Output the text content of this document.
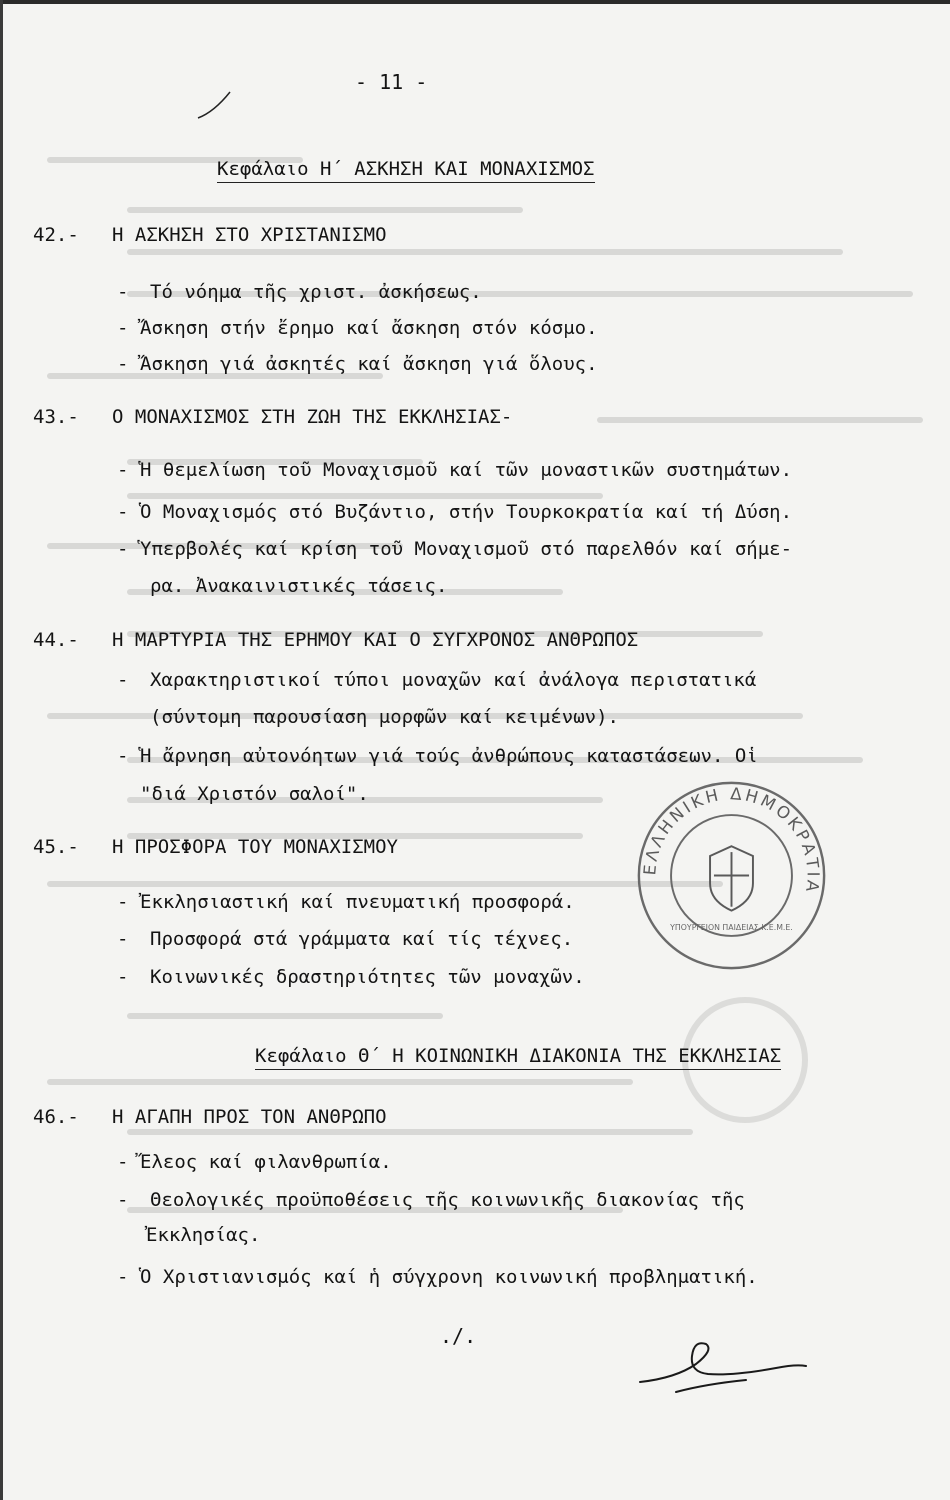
- 11 -
Κεφάλαιο Η΄ ΑΣΚΗΣΗ ΚΑΙ ΜΟΝΑΧΙΣΜΟΣ
42.- Η ΑΣΚΗΣΗ ΣΤΟ ΧΡΙΣΤΑΝΙΣΜΟ
- Τό νόημα τῆς χριστ. ἀσκήσεως.
- Ἄσκηση στήν ἔρημο καί ἄσκηση στόν κόσμο.
- Ἄσκηση γιά ἀσκητές καί ἄσκηση γιά ὅλους.
43.- Ο ΜΟΝΑΧΙΣΜΟΣ ΣΤΗ ΖΩΗ ΤΗΣ ΕΚΚΛΗΣΙΑΣ-
- Ἡ θεμελίωση τοῦ Μοναχισμοῦ καί τῶν μοναστικῶν συστημάτων.
- Ὁ Μοναχισμός στό Βυζάντιο, στήν Τουρκοκρατία καί τή Δύση.
- Ὑπερβολές καί κρίση τοῦ Μοναχισμοῦ στό παρελθόν καί σήμε-
ρα. Ἀνακαινιστικές τάσεις.
44.- Η ΜΑΡΤΥΡΙΑ ΤΗΣ ΕΡΗΜΟΥ ΚΑΙ Ο ΣΥΓΧΡΟΝΟΣ ΑΝΘΡΩΠΟΣ
- Χαρακτηριστικοί τύποι μοναχῶν καί ἀνάλογα περιστατικά
(σύντομη παρουσίαση μορφῶν καί κειμένων).
- Ἡ ἄρνηση αὐτονόητων γιά τούς ἀνθρώπους καταστάσεων. Οἱ
"διά Χριστόν σαλοί".
45.- Η ΠΡΟΣΦΟΡΑ ΤΟΥ ΜΟΝΑΧΙΣΜΟΥ
- Ἐκκλησιαστική καί πνευματική προσφορά.
- Προσφορά στά γράμματα καί τίς τέχνες.
- Κοινωνικές δραστηριότητες τῶν μοναχῶν.
Κεφάλαιο Θ΄ Η ΚΟΙΝΩΝΙΚΗ ΔΙΑΚΟΝΙΑ ΤΗΣ ΕΚΚΛΗΣΙΑΣ
46.- Η ΑΓΑΠΗ ΠΡΟΣ ΤΟΝ ΑΝΘΡΩΠΟ
- Ἔλεος καί φιλανθρωπία.
- Θεολογικές προϋποθέσεις τῆς κοινωνικῆς διακονίας τῆς
Ἐκκλησίας.
- Ὁ Χριστιανισμός καί ἡ σύγχρονη κοινωνική προβληματική.
./.
ΕΛΛΗΝΙΚΗ ΔΗΜΟΚΡΑΤΙΑ
ΥΠΟΥΡΓΕΙΟΝ ΠΑΙΔΕΙΑΣ Κ.Ε.Μ.Ε.
